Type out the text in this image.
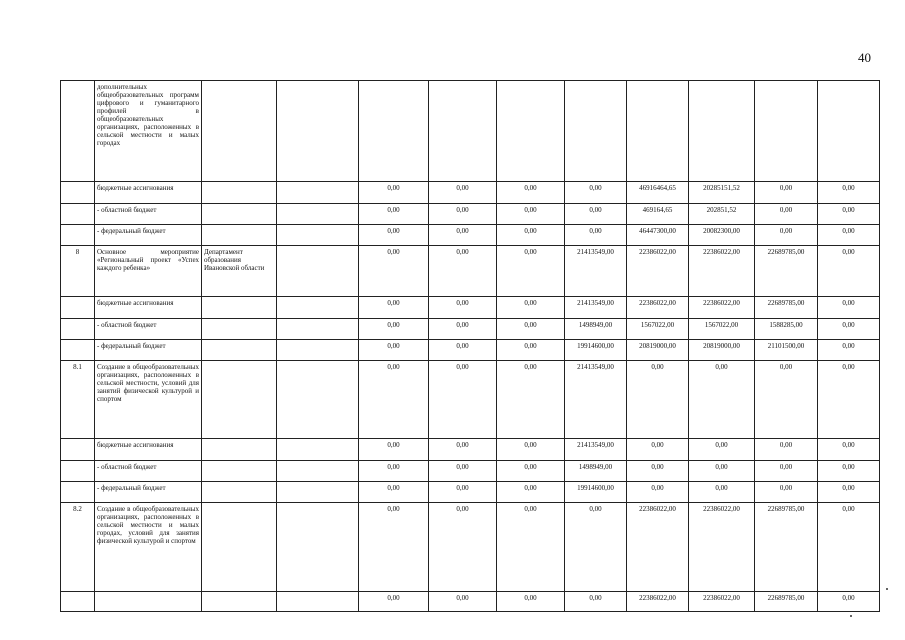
40
	дополнительных общеобразовательных программ цифрового и гуманитарного профилей в общеобразовательных организациях, расположенных в сельской местности и малых городах										
	бюджетные ассигнования			0,00	0,00	0,00	0,00	46916464,65	20285151,52	0,00	0,00
	- областной бюджет			0,00	0,00	0,00	0,00	469164,65	202851,52	0,00	0,00
	- федеральный бюджет			0,00	0,00	0,00	0,00	46447300,00	20082300,00	0,00	0,00
8	Основное мероприятие «Региональный проект «Успех каждого ребенка»	Департамент образования Ивановской области		0,00	0,00	0,00	21413549,00	22386022,00	22386022,00	22689785,00	0,00
	бюджетные ассигнования			0,00	0,00	0,00	21413549,00	22386022,00	22386022,00	22689785,00	0,00
	- областной бюджет			0,00	0,00	0,00	1498949,00	1567022,00	1567022,00	1588285,00	0,00
	- федеральный бюджет			0,00	0,00	0,00	19914600,00	20819000,00	20819000,00	21101500,00	0,00
8.1	Создание в общеобразовательных организациях, расположенных в сельской местности, условий для занятий физической культурой и спортом			0,00	0,00	0,00	21413549,00	0,00	0,00	0,00	0,00
	бюджетные ассигнования			0,00	0,00	0,00	21413549,00	0,00	0,00	0,00	0,00
	- областной бюджет			0,00	0,00	0,00	1498949,00	0,00	0,00	0,00	0,00
	- федеральный бюджет			0,00	0,00	0,00	19914600,00	0,00	0,00	0,00	0,00
8.2	Создание в общеобразовательных организациях, расположенных в сельской местности и малых городах, условий для занятия физической культурой и спортом			0,00	0,00	0,00	0,00	22386022,00	22386022,00	22689785,00	0,00
				0,00	0,00	0,00	0,00	22386022,00	22386022,00	22689785,00	0,00
